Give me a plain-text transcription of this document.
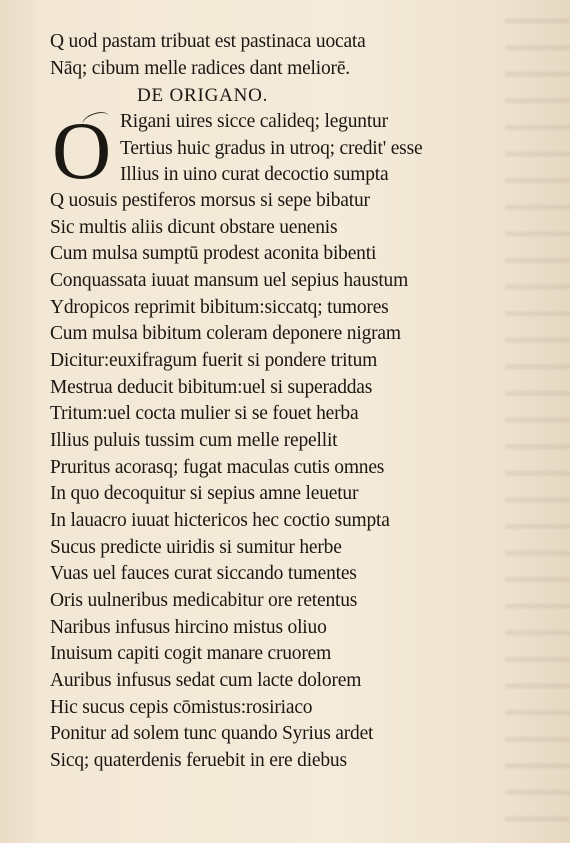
Q uod pastam tribuat est pastinaca uocata
Nāq; cibum melle radices dant meliorē.
DE ORIGANO.
O Rigani uires sicce calideq; leguntur
Tertius huic gradus in utroq; credit' esse
Illius in uino curat decoctio sumpta
Q uosuis pestiferos morsus si sepe bibatur
Sic multis aliis dicunt obstare uenenis
Cum mulsa sumptū prodest aconita bibenti
Conquassata iuuat mansum uel sepius haustum
Ydropicos reprimit bibitum:siccatq; tumores
Cum mulsa bibitum coleram deponere nigram
Dicitur:euxifragum fuerit si pondere tritum
Mestrua deducit bibitum:uel si superaddas
Tritum:uel cocta mulier si se fouet herba
Illius puluis tussim cum melle repellit
Pruritus acorasq; fugat maculas cutis omnes
In quo decoquitur si sepius amne leuetur
In lauacro iuuat hictericos hec coctio sumpta
Sucus predicte uiridis si sumitur herbe
Vuas uel fauces curat siccando tumentes
Oris uulneribus medicabitur ore retentus
Naribus infusus hircino mistus oliuo
Inuisum capiti cogit manare cruorem
Auribus infusus sedat cum lacte dolorem
Hic sucus cepis cōmistus:rosiriaco
Ponitur ad solem tunc quando Syrius ardet
Sicq; quaterdenis feruebit in ere diebus
